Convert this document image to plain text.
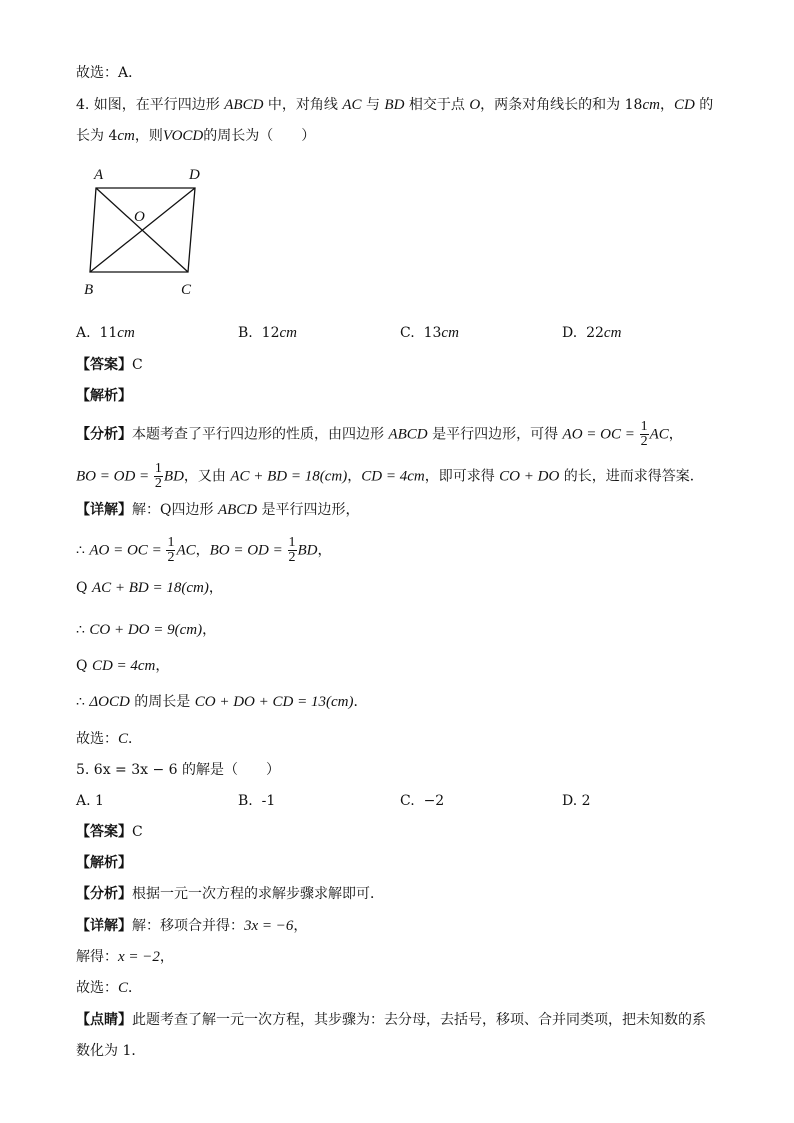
故选：A．
4. 如图，在平行四边形 ABCD 中，对角线 AC 与 BD 相交于点 O，两条对角线长的和为 18cm，CD 的
长为 4cm，则VOCD的周长为（　　）
A	D
O
B	C
A. 11cm	B. 12cm	C. 13cm	D. 22cm
【答案】C
【解析】
【分析】本题考查了平行四边形的性质，由四边形 ABCD 是平行四边形，可得 AO = OC = $\frac{1}{2}$ AC，
BO = OD = $\frac{1}{2}$ BD，又由 AC + BD = 18(cm)，CD = 4cm，即可求得 CO + DO 的长，进而求得答案．
【详解】解：Q四边形 ABCD 是平行四边形，
∴ AO = OC = $\frac{1}{2}$ AC，BO = OD = $\frac{1}{2}$ BD，
Q AC + BD = 18(cm)，
∴ CO + DO = 9(cm)，
Q CD = 4cm，
∴ ΔOCD 的周长是 CO + DO + CD = 13(cm)．
故选：C．
5. 6x = 3x − 6 的解是（　　）
A. 1	B. -1	C. −2	D. 2
【答案】C
【解析】
【分析】根据一元一次方程的求解步骤求解即可．
【详解】解：移项合并得：3x = −6，
解得：x = −2，
故选：C．
【点睛】此题考查了解一元一次方程，其步骤为：去分母，去括号，移项、合并同类项，把未知数的系
数化为 1．
